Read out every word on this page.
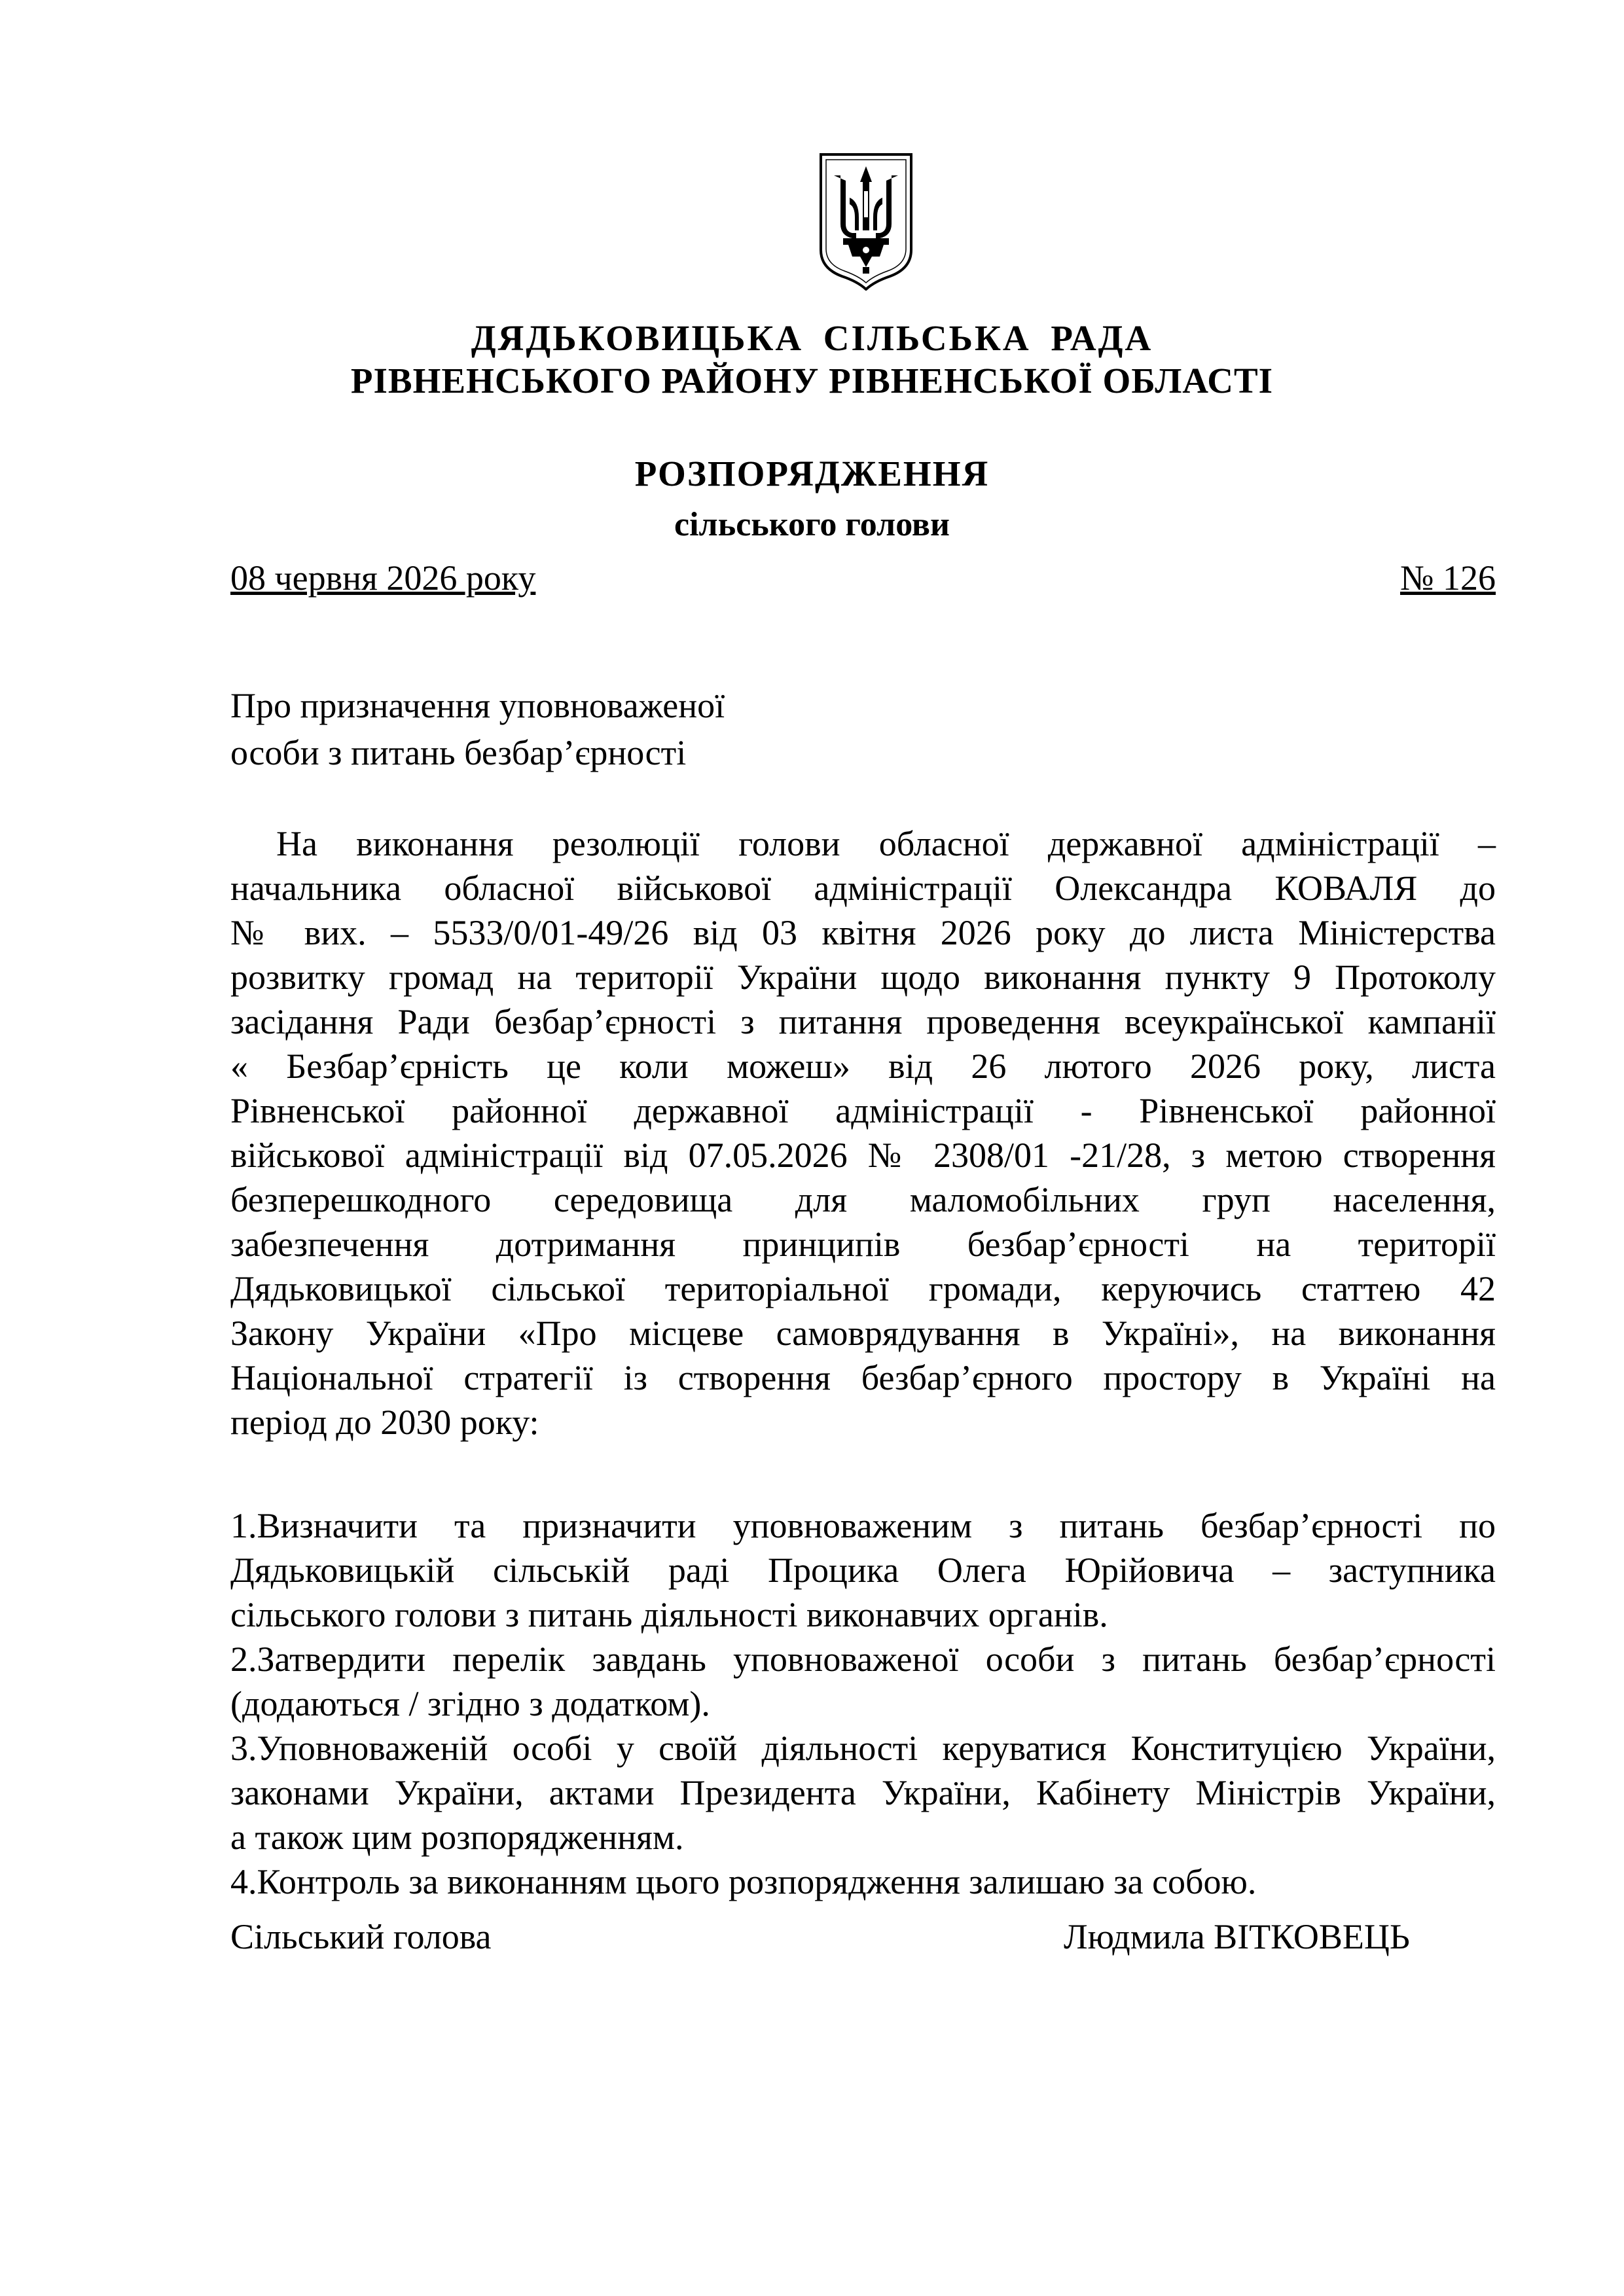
ДЯДЬКОВИЦЬКА СІЛЬСЬКА РАДА
РІВНЕНСЬКОГО РАЙОНУ РІВНЕНСЬКОЇ ОБЛАСТІ
РОЗПОРЯДЖЕННЯ
сільського голови
08 червня 2026 року	№ 126
Про призначення уповноваженої
особи з питань безбар’єрності
На виконання резолюції голови обласної державної адміністрації –
начальника обласної військової адміністрації Олександра КОВАЛЯ до
№ вих. – 5533/0/01-49/26 від 03 квітня 2026 року до листа Міністерства
розвитку громад на території України щодо виконання пункту 9 Протоколу
засідання Ради безбар’єрності з питання проведення всеукраїнської кампанії
« Безбар’єрність це коли можеш» від 26 лютого 2026 року, листа
Рівненської районної державної адміністрації - Рівненської районної
військової адміністрації від 07.05.2026 № 2308/01 -21/28, з метою створення
безперешкодного середовища для маломобільних груп населення,
забезпечення дотримання принципів безбар’єрності на території
Дядьковицької сільської територіальної громади, керуючись статтею 42
Закону України «Про місцеве самоврядування в Україні», на виконання
Національної стратегії із створення безбар’єрного простору в Україні на
період до 2030 року:
1.Визначити та призначити уповноваженим з питань безбар’єрності по
Дядьковицькій сільській раді Процика Олега Юрійовича – заступника
сільського голови з питань діяльності виконавчих органів.
2.Затвердити перелік завдань уповноваженої особи з питань безбар’єрності
(додаються / згідно з додатком).
3.Уповноваженій особі у своїй діяльності керуватися Конституцією України,
законами України, актами Президента України, Кабінету Міністрів України,
а також цим розпорядженням.
4.Контроль за виконанням цього розпорядження залишаю за собою.
Сільський голова	Людмила ВІТКОВЕЦЬ
